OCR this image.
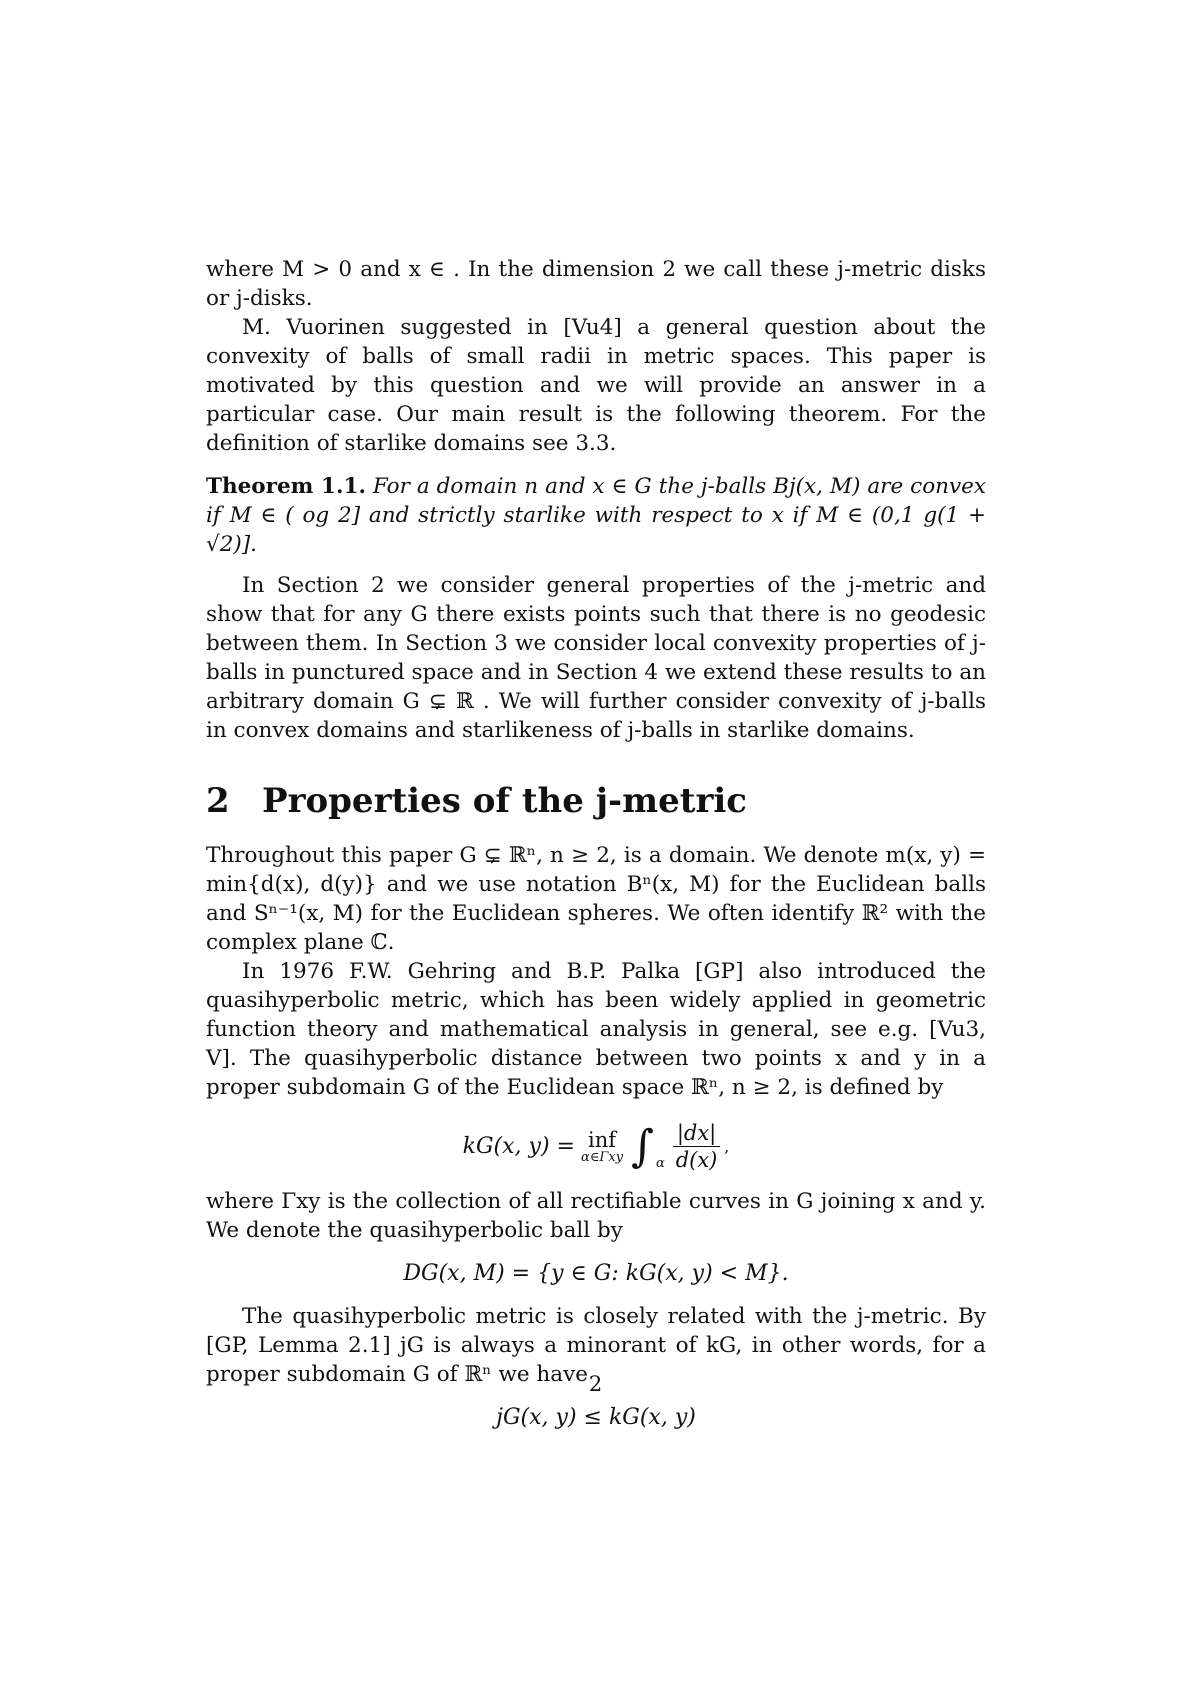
where M > 0 and x ∈ . In the dimension 2 we call these j-metric disks or j-disks.

M. Vuorinen suggested in [Vu4] a general question about the convexity of balls of small radii in metric spaces. This paper is motivated by this question and we will provide an answer in a particular case. Our main result is the following theorem. For the definition of starlike domains see 3.3.

Theorem 1.1. For a domain n and x ∈ G the j-balls Bj(x, M) are convex if M ∈ ( og 2] and strictly starlike with respect to x if M ∈ (0,1 g(1 + √2)].

In Section 2 we consider general properties of the j-metric and show that for any G there exists points such that there is no geodesic between them. In Section 3 we consider local convexity properties of j-balls in punctured space and in Section 4 we extend these results to an arbitrary domain G ⊊ ℝ . We will further consider convexity of j-balls in convex domains and starlikeness of j-balls in starlike domains.

2 Properties of the j-metric

Throughout this paper G ⊊ ℝⁿ, n ≥ 2, is a domain. We denote m(x, y) = min{d(x), d(y)} and we use notation Bⁿ(x, M) for the Euclidean balls and Sⁿ⁻¹(x, M) for the Euclidean spheres. We often identify ℝ² with the complex plane ℂ.

In 1976 F.W. Gehring and B.P. Palka [GP] also introduced the quasihyperbolic metric, which has been widely applied in geometric function theory and mathematical analysis in general, see e.g. [Vu3, V]. The quasihyperbolic distance between two points x and y in a proper subdomain G of the Euclidean space ℝⁿ, n ≥ 2, is defined by

kG(x, y) = inf
α∈Γxy ∫ α $\frac{|dx|}{d(x)}$ ,

where Γxy is the collection of all rectifiable curves in G joining x and y. We denote the quasihyperbolic ball by

DG(x, M) = {y ∈ G: kG(x, y) < M}.

The quasihyperbolic metric is closely related with the j-metric. By [GP, Lemma 2.1] jG is always a minorant of kG, in other words, for a proper subdomain G of ℝⁿ we have

jG(x, y) ≤ kG(x, y)
2
